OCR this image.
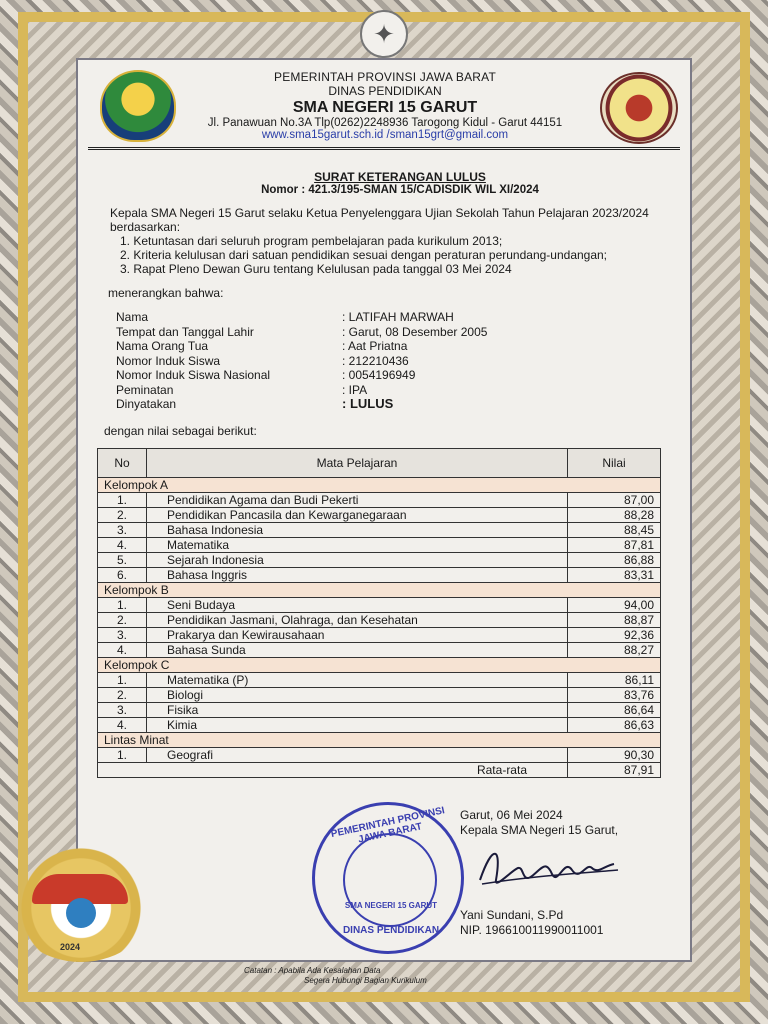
✦
PEMERINTAH PROVINSI JAWA BARAT
DINAS PENDIDIKAN
SMA NEGERI 15 GARUT
Jl. Panawuan No.3A Tlp(0262)2248936 Tarogong Kidul - Garut 44151
www.sma15garut.sch.id /sman15grt@gmail.com
SURAT KETERANGAN LULUS
Nomor : 421.3/195-SMAN 15/CADISDIK WIL XI/2024
Kepala SMA Negeri 15 Garut selaku Ketua Penyelenggara Ujian Sekolah Tahun Pelajaran 2023/2024 berdasarkan:
1. Ketuntasan dari seluruh program pembelajaran pada kurikulum 2013;
2. Kriteria kelulusan dari satuan pendidikan sesuai dengan peraturan perundang-undangan;
3. Rapat Pleno Dewan Guru tentang Kelulusan pada tanggal 03 Mei 2024
menerangkan bahwa:
Nama	: LATIFAH MARWAH
Tempat dan Tanggal Lahir	: Garut, 08 Desember 2005
Nama Orang Tua	: Aat Priatna
Nomor Induk Siswa	: 212210436
Nomor Induk Siswa Nasional	: 0054196949
Peminatan	: IPA
Dinyatakan	: LULUS
dengan nilai sebagai berikut:
No	Mata Pelajaran	Nilai
Kelompok A		
1.	Pendidikan Agama dan Budi Pekerti	87,00
2.	Pendidikan Pancasila dan Kewarganegaraan	88,28
3.	Bahasa Indonesia	88,45
4.	Matematika	87,81
5.	Sejarah Indonesia	86,88
6.	Bahasa Inggris	83,31
Kelompok B		
1.	Seni Budaya	94,00
2.	Pendidikan Jasmani, Olahraga, dan Kesehatan	88,87
3.	Prakarya dan Kewirausahaan	92,36
4.	Bahasa Sunda	88,27
Kelompok C		
1.	Matematika (P)	86,11
2.	Biologi	83,76
3.	Fisika	86,64
4.	Kimia	86,63
Lintas Minat		
1.	Geografi	90,30
Rata-rata		87,91
PEMERINTAH PROVINSI JAWA BARAT
SMA NEGERI 15 GARUT
DINAS PENDIDIKAN
Garut, 06 Mei 2024
Kepala SMA Negeri 15 Garut,
Yani Sundani, S.Pd
NIP. 196610011990011001
2024
Catatan : Apabila Ada Kesalahan Data
Segera Hubungi Bagian Kurikulum
